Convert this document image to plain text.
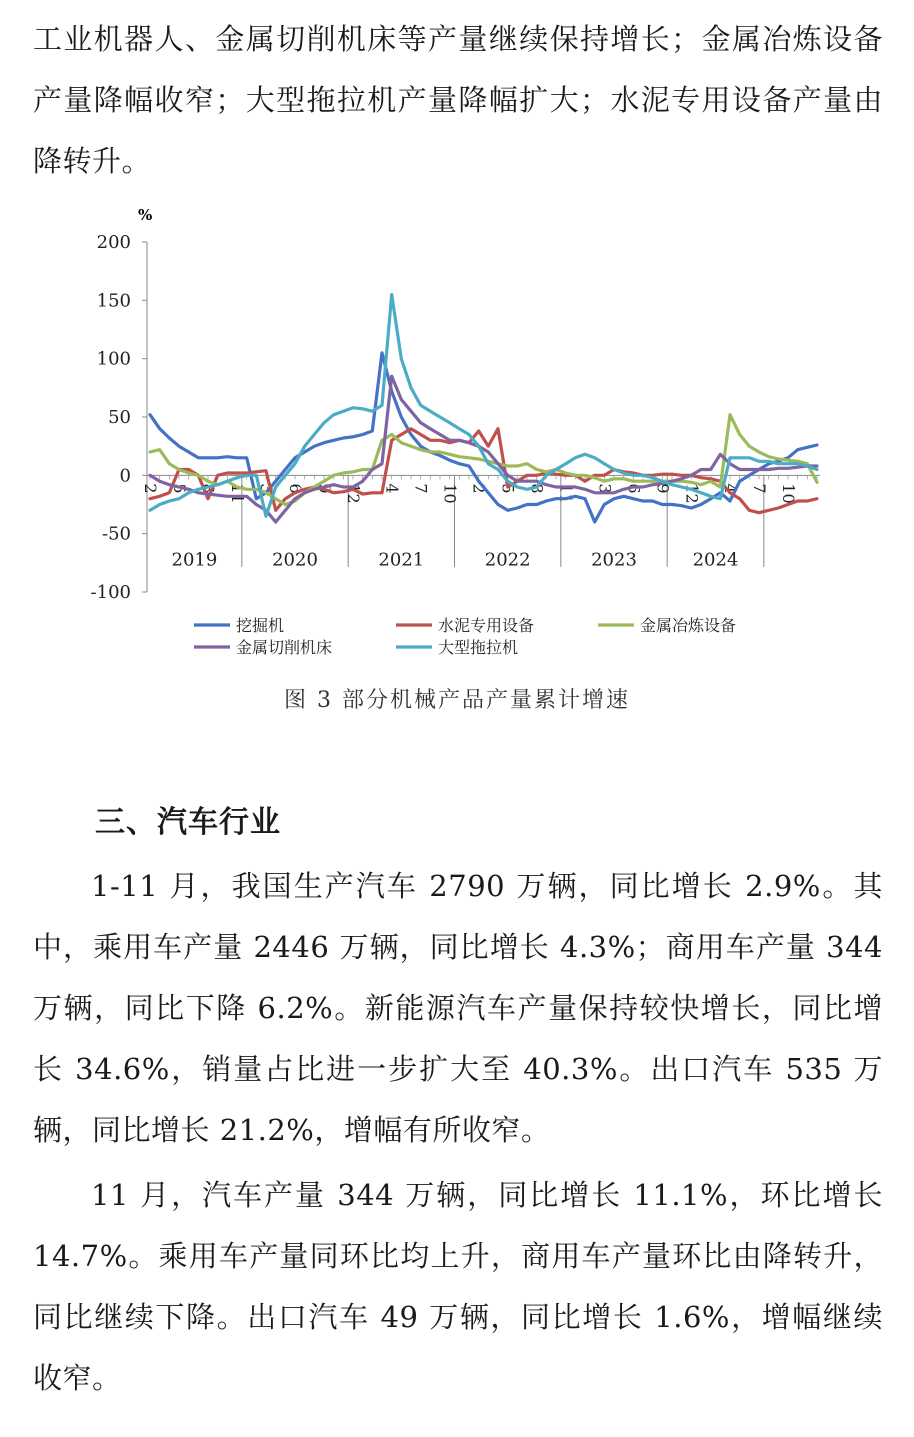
工业机器人、金属切削机床等产量继续保持增长；金属冶炼设备产量降幅收窄；大型拖拉机产量降幅扩大；水泥专用设备产量由降转升。
%
200
150
100
50
0
-50
-100
2019	2020	2021	2022	2023	2024
2 5 8 11 3 6 9 12 4 7 10 2 5 8 11 3 6 9 12 4 7 10
挖掘机	水泥专用设备	金属冶炼设备
金属切削机床	大型拖拉机
图 3 部分机械产品产量累计增速
三、汽车行业
1-11 月，我国生产汽车 2790 万辆，同比增长 2.9%。其中，乘用车产量 2446 万辆，同比增长 4.3%；商用车产量 344 万辆，同比下降 6.2%。新能源汽车产量保持较快增长，同比增长 34.6%，销量占比进一步扩大至 40.3%。出口汽车 535 万辆，同比增长 21.2%，增幅有所收窄。
11 月，汽车产量 344 万辆，同比增长 11.1%，环比增长 14.7%。乘用车产量同环比均上升，商用车产量环比由降转升，同比继续下降。出口汽车 49 万辆，同比增长 1.6%，增幅继续收窄。
